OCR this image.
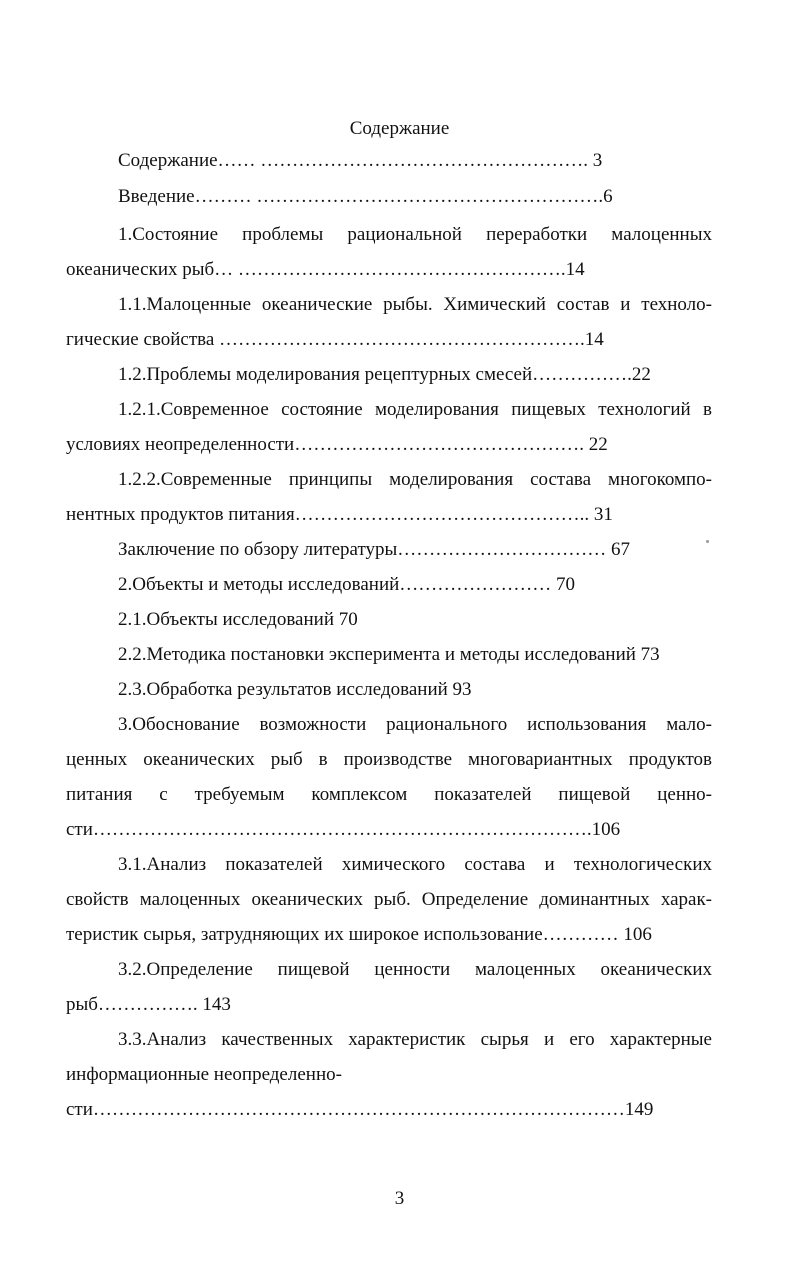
Содержание
Содержание…… ……………………………………………. 3
Введение……… ……………………………………………….6
1.Состояние проблемы рациональной переработки малоценных
океанических рыб… …………………………………………….14
1.1.Малоценные океанические рыбы. Химический состав и техноло-
гические свойства ………………………………………………….14
1.2.Проблемы моделирования рецептурных смесей…………….22
1.2.1.Современное состояние моделирования пищевых технологий в
условиях неопределенности………………………………………. 22
1.2.2.Современные принципы моделирования состава многокомпо-
нентных продуктов питания……………………………………….. 31
Заключение по обзору литературы…………………………… 67
2.Объекты и методы исследований…………………… 70
2.1.Объекты исследований 70
2.2.Методика постановки эксперимента и методы исследований 73
2.3.Обработка результатов исследований 93
3.Обоснование возможности рационального использования мало-
ценных океанических рыб в производстве многовариантных продуктов
питания с требуемым комплексом показателей пищевой ценно-
сти…………………………………………………………………….106
3.1.Анализ показателей химического состава и технологических
свойств малоценных океанических рыб. Определение доминантных харак-
теристик сырья, затрудняющих их широкое использование………… 106
3.2.Определение пищевой ценности малоценных океанических
рыб……………. 143
3.3.Анализ качественных характеристик сырья и его характерные
информационные неопределенно-
сти…………………………………………………………………………149
3
